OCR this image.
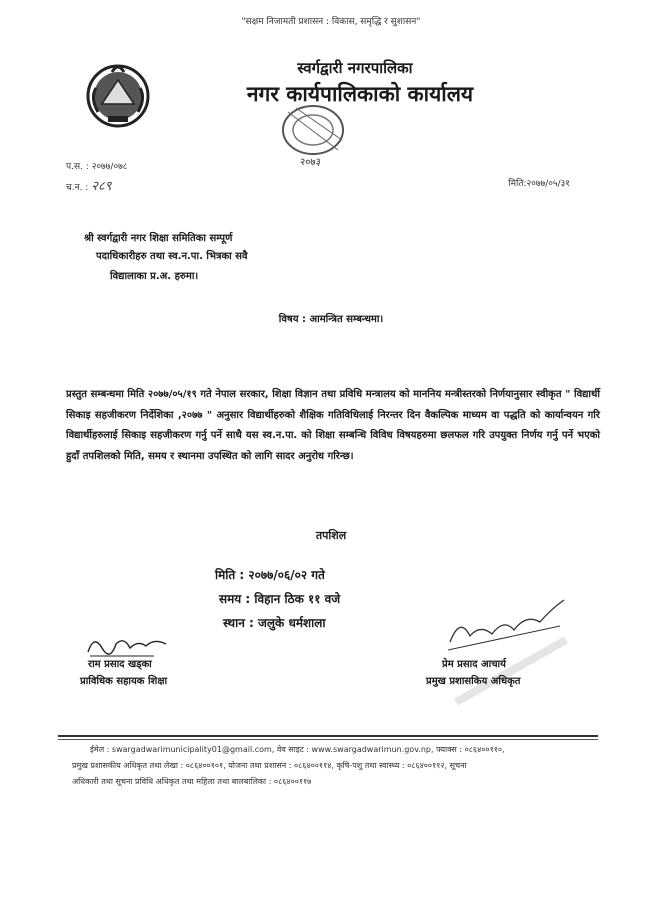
"सक्षम निजामती प्रशासन : विकास, समृद्धि र सुशासन"
स्वर्गद्वारी नगरपालिका
नगर कार्यपालिकाको कार्यालय
२०७३
प.स. : २०७७/०७८
च.न. : २८९	मिति:२०७७/०५/३१
श्री स्वर्गद्वारी नगर शिक्षा समितिका सम्पूर्ण
पदाधिकारीहरु तथा स्व.न.पा. भित्रका सवै
विद्यालाका प्र.अ. हरुमा।
विषय : आमन्त्रित सम्बन्धमा।
प्रस्तुत सम्बन्धमा मिति २०७७/०५/१९ गते नेपाल सरकार, शिक्षा विज्ञान तथा प्रविधि मन्त्रालय को माननिय मन्त्रीस्तरको निर्णयानुसार स्वीकृत " विद्यार्थी सिकाइ सहजीकरण निर्देशिका ,२०७७ " अनुसार विद्यार्थीहरुको शैक्षिक गतिविधिलाई निरन्तर दिन वैकल्पिक माध्यम वा पद्धति को कार्यान्वयन गरि विद्यार्थीहरुलाई सिकाइ सहजीकरण गर्नु पर्ने साथै यस स्व.न.पा. को शिक्षा सम्बन्धि विविध विषयहरुमा छलफल गरि उपयुक्त निर्णय गर्नु पर्ने भएको हुदाँ तपशिलको मिति, समय र स्थानमा उपस्थित को लागि सादर अनुरोध गरिन्छ।
तपशिल
मिति : २०७७/०६/०२ गते
समय : विहान ठिक ११ वजे
स्थान : जलुके धर्मशाला
राम प्रसाद खड्का
प्राविधिक सहायक शिक्षा
प्रेम प्रसाद आचार्य
प्रमुख प्रशासकिय अधिकृत
ईमेल : swargadwarimunicipality01@gmail.com, वेव साइट : www.swargadwarimun.gov.np, फ्याक्स : ०८६४००११०,
प्रमुख प्रशासकीय अधिकृत तथा लेखा : ०८६४००१०१, योजना तथा प्रशासन : ०८६४००११४, कृषि-पशु तथा स्वास्थ्य : ०८६४००११२, सूचना
अधिकारी तथा सूचना प्रविधि अधिकृत तथा महिला तथा बालबालिका : ०८६४००११७
